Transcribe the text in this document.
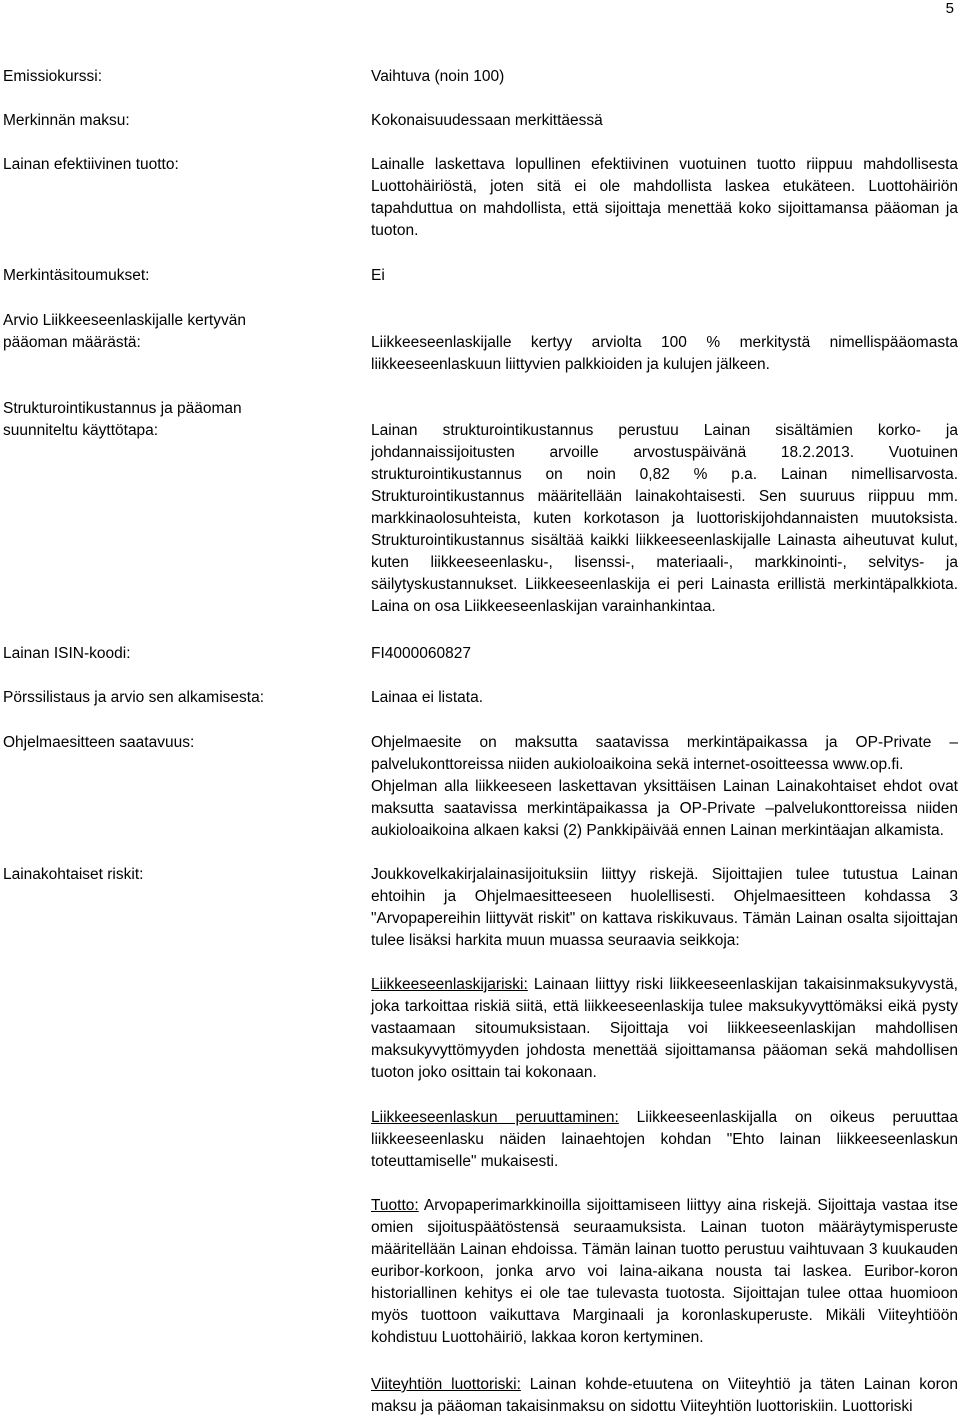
5
Emissiokurssi:	Vaihtuva (noin 100)
Merkinnän maksu:	Kokonaisuudessaan merkittäessä
Lainan efektiivinen tuotto:	Lainalle laskettava lopullinen efektiivinen vuotuinen tuotto riippuu mahdollisesta Luottohäiriöstä, joten sitä ei ole mahdollista laskea etukäteen. Luottohäiriön tapahduttua on mahdollista, että sijoittaja menettää koko sijoittamansa pääoman ja tuoton.
Merkintäsitoumukset:	Ei
Arvio Liikkeeseenlaskijalle kertyvän
pääoman määrästä:	Liikkeeseenlaskijalle kertyy arviolta 100 % merkitystä nimellispääomasta liikkeeseenlaskuun liittyvien palkkioiden ja kulujen jälkeen.
Strukturointikustannus ja pääoman
suunniteltu käyttötapa:	Lainan strukturointikustannus perustuu Lainan sisältämien korko- ja johdannaissijoitusten arvoille arvostuspäivänä 18.2.2013. Vuotuinen strukturointikustannus on noin 0,82 % p.a. Lainan nimellisarvosta. Strukturointikustannus määritellään lainakohtaisesti. Sen suuruus riippuu mm. markkinaolosuhteista, kuten korkotason ja luottoriskijohdannaisten muutoksista. Strukturointikustannus sisältää kaikki liikkeeseenlaskijalle Lainasta aiheutuvat kulut, kuten liikkeeseenlasku-, lisenssi-, materiaali-, markkinointi-, selvitys- ja säilytyskustannukset. Liikkeeseenlaskija ei peri Lainasta erillistä merkintäpalkkiota. Laina on osa Liikkeeseenlaskijan varainhankintaa.
Lainan ISIN-koodi:	FI4000060827
Pörssilistaus ja arvio sen alkamisesta:	Lainaa ei listata.
Ohjelmaesitteen saatavuus:	Ohjelmaesite on maksutta saatavissa merkintäpaikassa ja OP-Private –palvelukonttoreissa niiden aukioloaikoina sekä internet-osoitteessa www.op.fi.

Ohjelman alla liikkeeseen laskettavan yksittäisen Lainan Lainakohtaiset ehdot ovat maksutta saatavissa merkintäpaikassa ja OP-Private –palvelukonttoreissa niiden aukioloaikoina alkaen kaksi (2) Pankkipäivää ennen Lainan merkintäajan alkamista.

Lainakohtaiset riskit:	Joukkovelkakirjalainasijoituksiin liittyy riskejä. Sijoittajien tulee tutustua Lainan ehtoihin ja Ohjelmaesitteeseen huolellisesti. Ohjelmaesitteen kohdassa 3 "Arvopapereihin liittyvät riskit" on kattava riskikuvaus. Tämän Lainan osalta sijoittajan tulee lisäksi harkita muun muassa seuraavia seikkoja:
Liikkeeseenlaskijariski: Lainaan liittyy riski liikkeeseenlaskijan takaisinmaksukyvystä, joka tarkoittaa riskiä siitä, että liikkeeseenlaskija tulee maksukyvyttömäksi eikä pysty vastaamaan sitoumuksistaan. Sijoittaja voi liikkeeseenlaskijan mahdollisen maksukyvyttömyyden johdosta menettää sijoittamansa pääoman sekä mahdollisen tuoton joko osittain tai kokonaan.
Liikkeeseenlaskun peruuttaminen: Liikkeeseenlaskijalla on oikeus peruuttaa liikkeeseenlasku näiden lainaehtojen kohdan "Ehto lainan liikkeeseenlaskun toteuttamiselle" mukaisesti.
Tuotto: Arvopaperimarkkinoilla sijoittamiseen liittyy aina riskejä. Sijoittaja vastaa itse omien sijoituspäätöstensä seuraamuksista. Lainan tuoton määräytymisperuste määritellään Lainan ehdoissa. Tämän lainan tuotto perustuu vaihtuvaan 3 kuukauden euribor-korkoon, jonka arvo voi laina-aikana nousta tai laskea. Euribor-koron historiallinen kehitys ei ole tae tulevasta tuotosta. Sijoittajan tulee ottaa huomioon myös tuottoon vaikuttava Marginaali ja koronlaskuperuste. Mikäli Viiteyhtiöön kohdistuu Luottohäiriö, lakkaa koron kertyminen.
Viiteyhtiön luottoriski: Lainan kohde-etuutena on Viiteyhtiö ja täten Lainan koron maksu ja pääoman takaisinmaksu on sidottu Viiteyhtiön luottoriskiin. Luottoriski
